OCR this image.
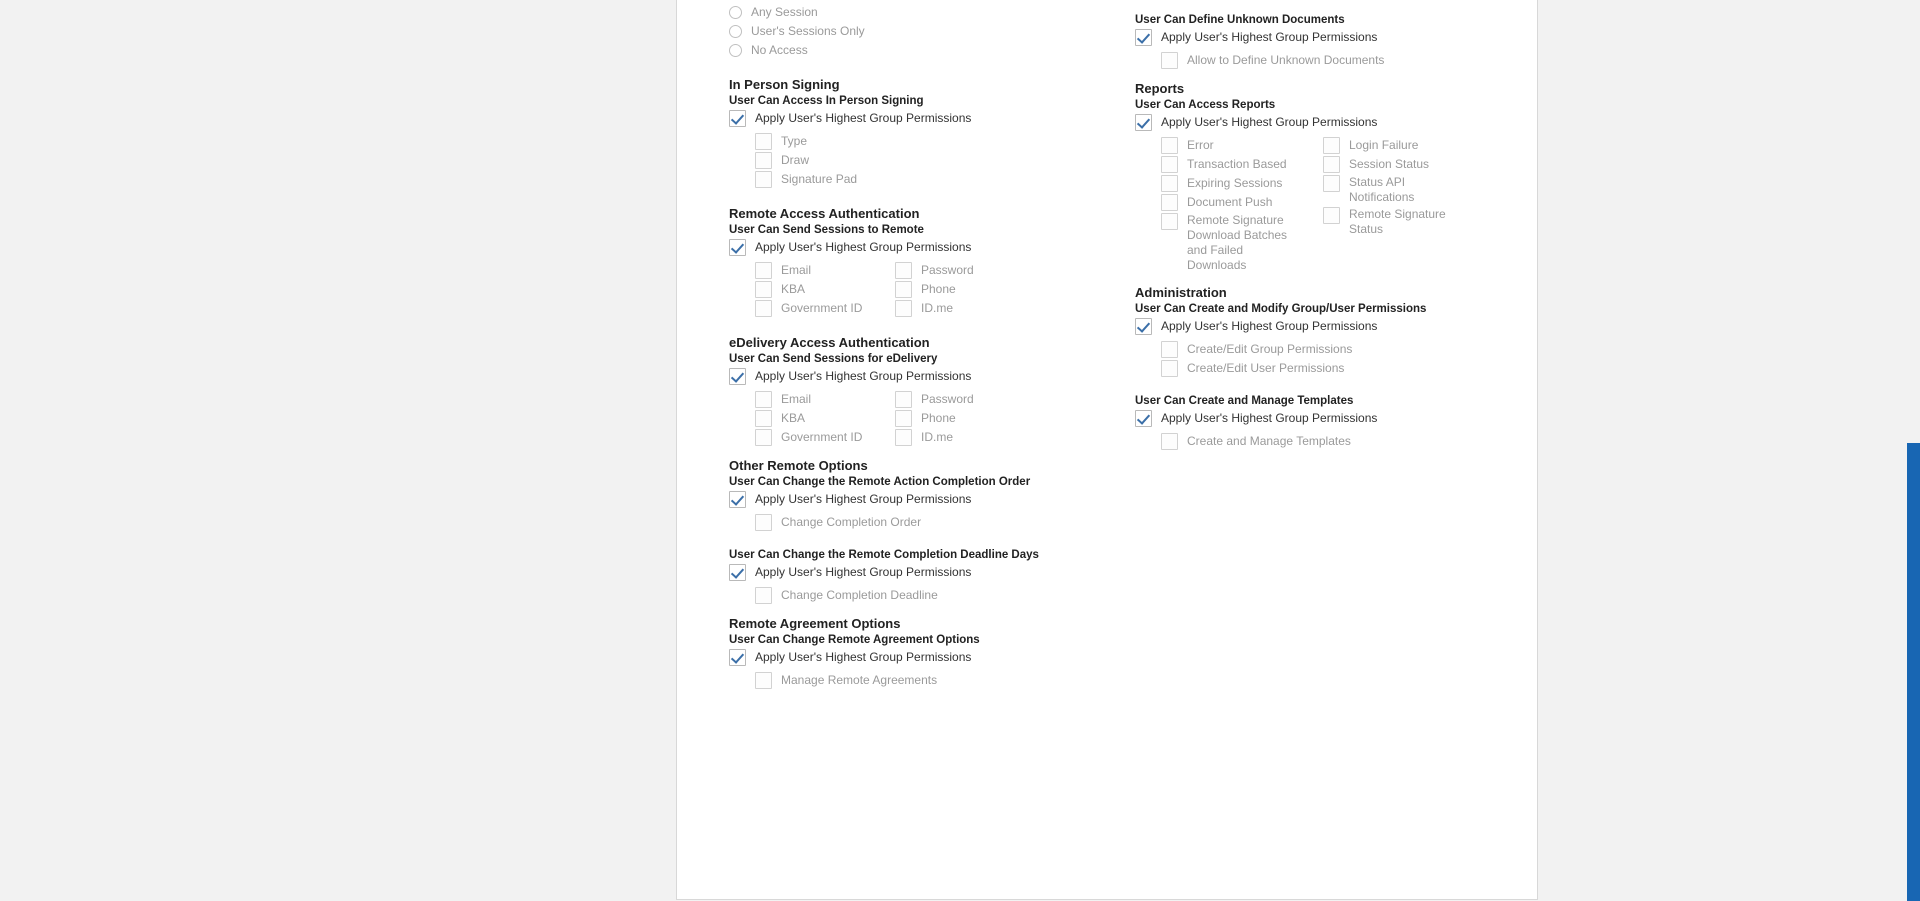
Any Session
User's Sessions Only
No Access
In Person Signing
User Can Access In Person Signing
Apply User's Highest Group Permissions
Type
Draw
Signature Pad
Remote Access Authentication
User Can Send Sessions to Remote
Apply User's Highest Group Permissions
Email
KBA
Government ID
Password
Phone
ID.me
eDelivery Access Authentication
User Can Send Sessions for eDelivery
Apply User's Highest Group Permissions
Email
KBA
Government ID
Password
Phone
ID.me
Other Remote Options
User Can Change the Remote Action Completion Order
Apply User's Highest Group Permissions
Change Completion Order
User Can Change the Remote Completion Deadline Days
Apply User's Highest Group Permissions
Change Completion Deadline
Remote Agreement Options
User Can Change Remote Agreement Options
Apply User's Highest Group Permissions
Manage Remote Agreements
User Can Define Unknown Documents
Apply User's Highest Group Permissions
Allow to Define Unknown Documents
Reports
User Can Access Reports
Apply User's Highest Group Permissions
Error
Transaction Based
Expiring Sessions
Document Push
Remote Signature Download Batches and Failed Downloads
Login Failure
Session Status
Status API Notifications
Remote Signature Status
Administration
User Can Create and Modify Group/User Permissions
Apply User's Highest Group Permissions
Create/Edit Group Permissions
Create/Edit User Permissions
User Can Create and Manage Templates
Apply User's Highest Group Permissions
Create and Manage Templates
